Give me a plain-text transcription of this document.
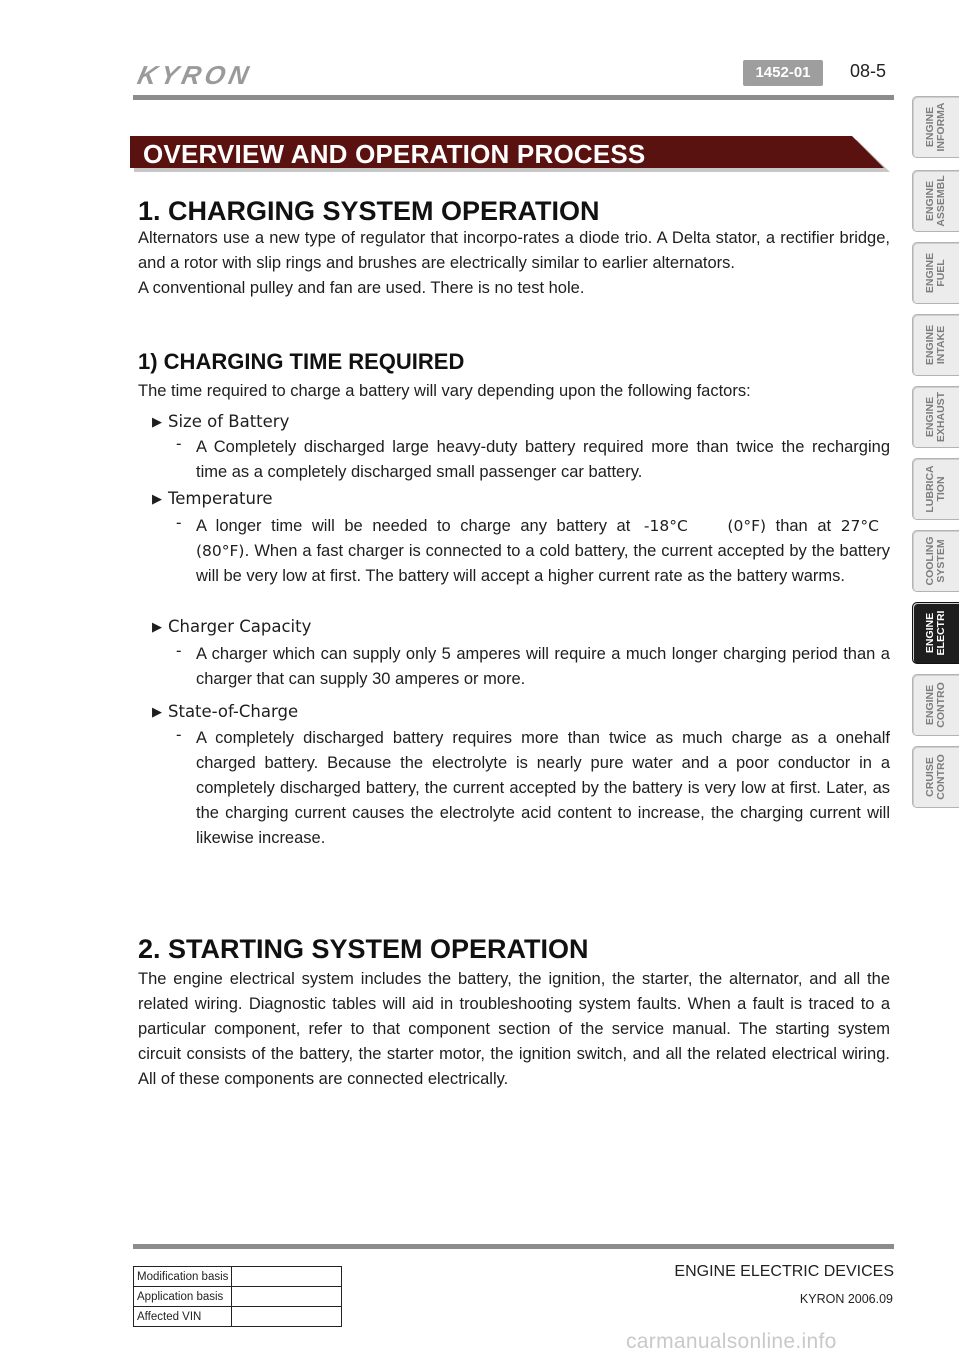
KYRON	1452-01	08-5
OVERVIEW AND OPERATION PROCESS
ENGINE
INFORMA
ENGINE
ASSEMBL
ENGINE
FUEL
ENGINE
INTAKE
ENGINE
EXHAUST
LUBRICA
TION
COOLING
SYSTEM
ENGINE
ELECTRI
ENGINE
CONTRO
CRUISE
CONTRO
1. CHARGING SYSTEM OPERATION
Alternators use a new type of regulator that incorpo-rates a diode trio. A Delta stator, a rectifier bridge, and a rotor with slip rings and brushes are electrically similar to earlier alternators.
A conventional pulley and fan are used. There is no test hole.
1) CHARGING TIME REQUIRED
The time required to charge a battery will vary depending upon the following factors:
▶ Size of Battery
- A Completely discharged large heavy-duty battery required more than twice the recharging time as a completely discharged small passenger car battery.
▶ Temperature
- A longer time will be needed to charge any battery at -18°C	(0°F) than at 27°C
(80°F). When a fast charger is connected to a cold battery, the current accepted by the battery will be very low at first. The battery will accept a higher current rate as the battery warms.
▶ Charger Capacity
- A charger which can supply only 5 amperes will require a much longer charging period than a charger that can supply 30 amperes or more.
▶ State-of-Charge
- A completely discharged battery requires more than twice as much charge as a onehalf charged battery. Because the electrolyte is nearly pure water and a poor conductor in a completely discharged battery, the current accepted by the battery is very low at first. Later, as the charging current causes the electrolyte acid content to increase, the charging current will likewise increase.
2. STARTING SYSTEM OPERATION
The engine electrical system includes the battery, the ignition, the starter, the alternator, and all the related wiring. Diagnostic tables will aid in troubleshooting system faults. When a fault is traced to a particular component, refer to that component section of the service manual. The starting system circuit consists of the battery, the starter motor, the ignition switch, and all the related electrical wiring. All of these components are connected electrically.
ENGINE ELECTRIC DEVICES
KYRON 2006.09
Modification basis	
Application basis	
Affected VIN	
carmanualsonline.info
